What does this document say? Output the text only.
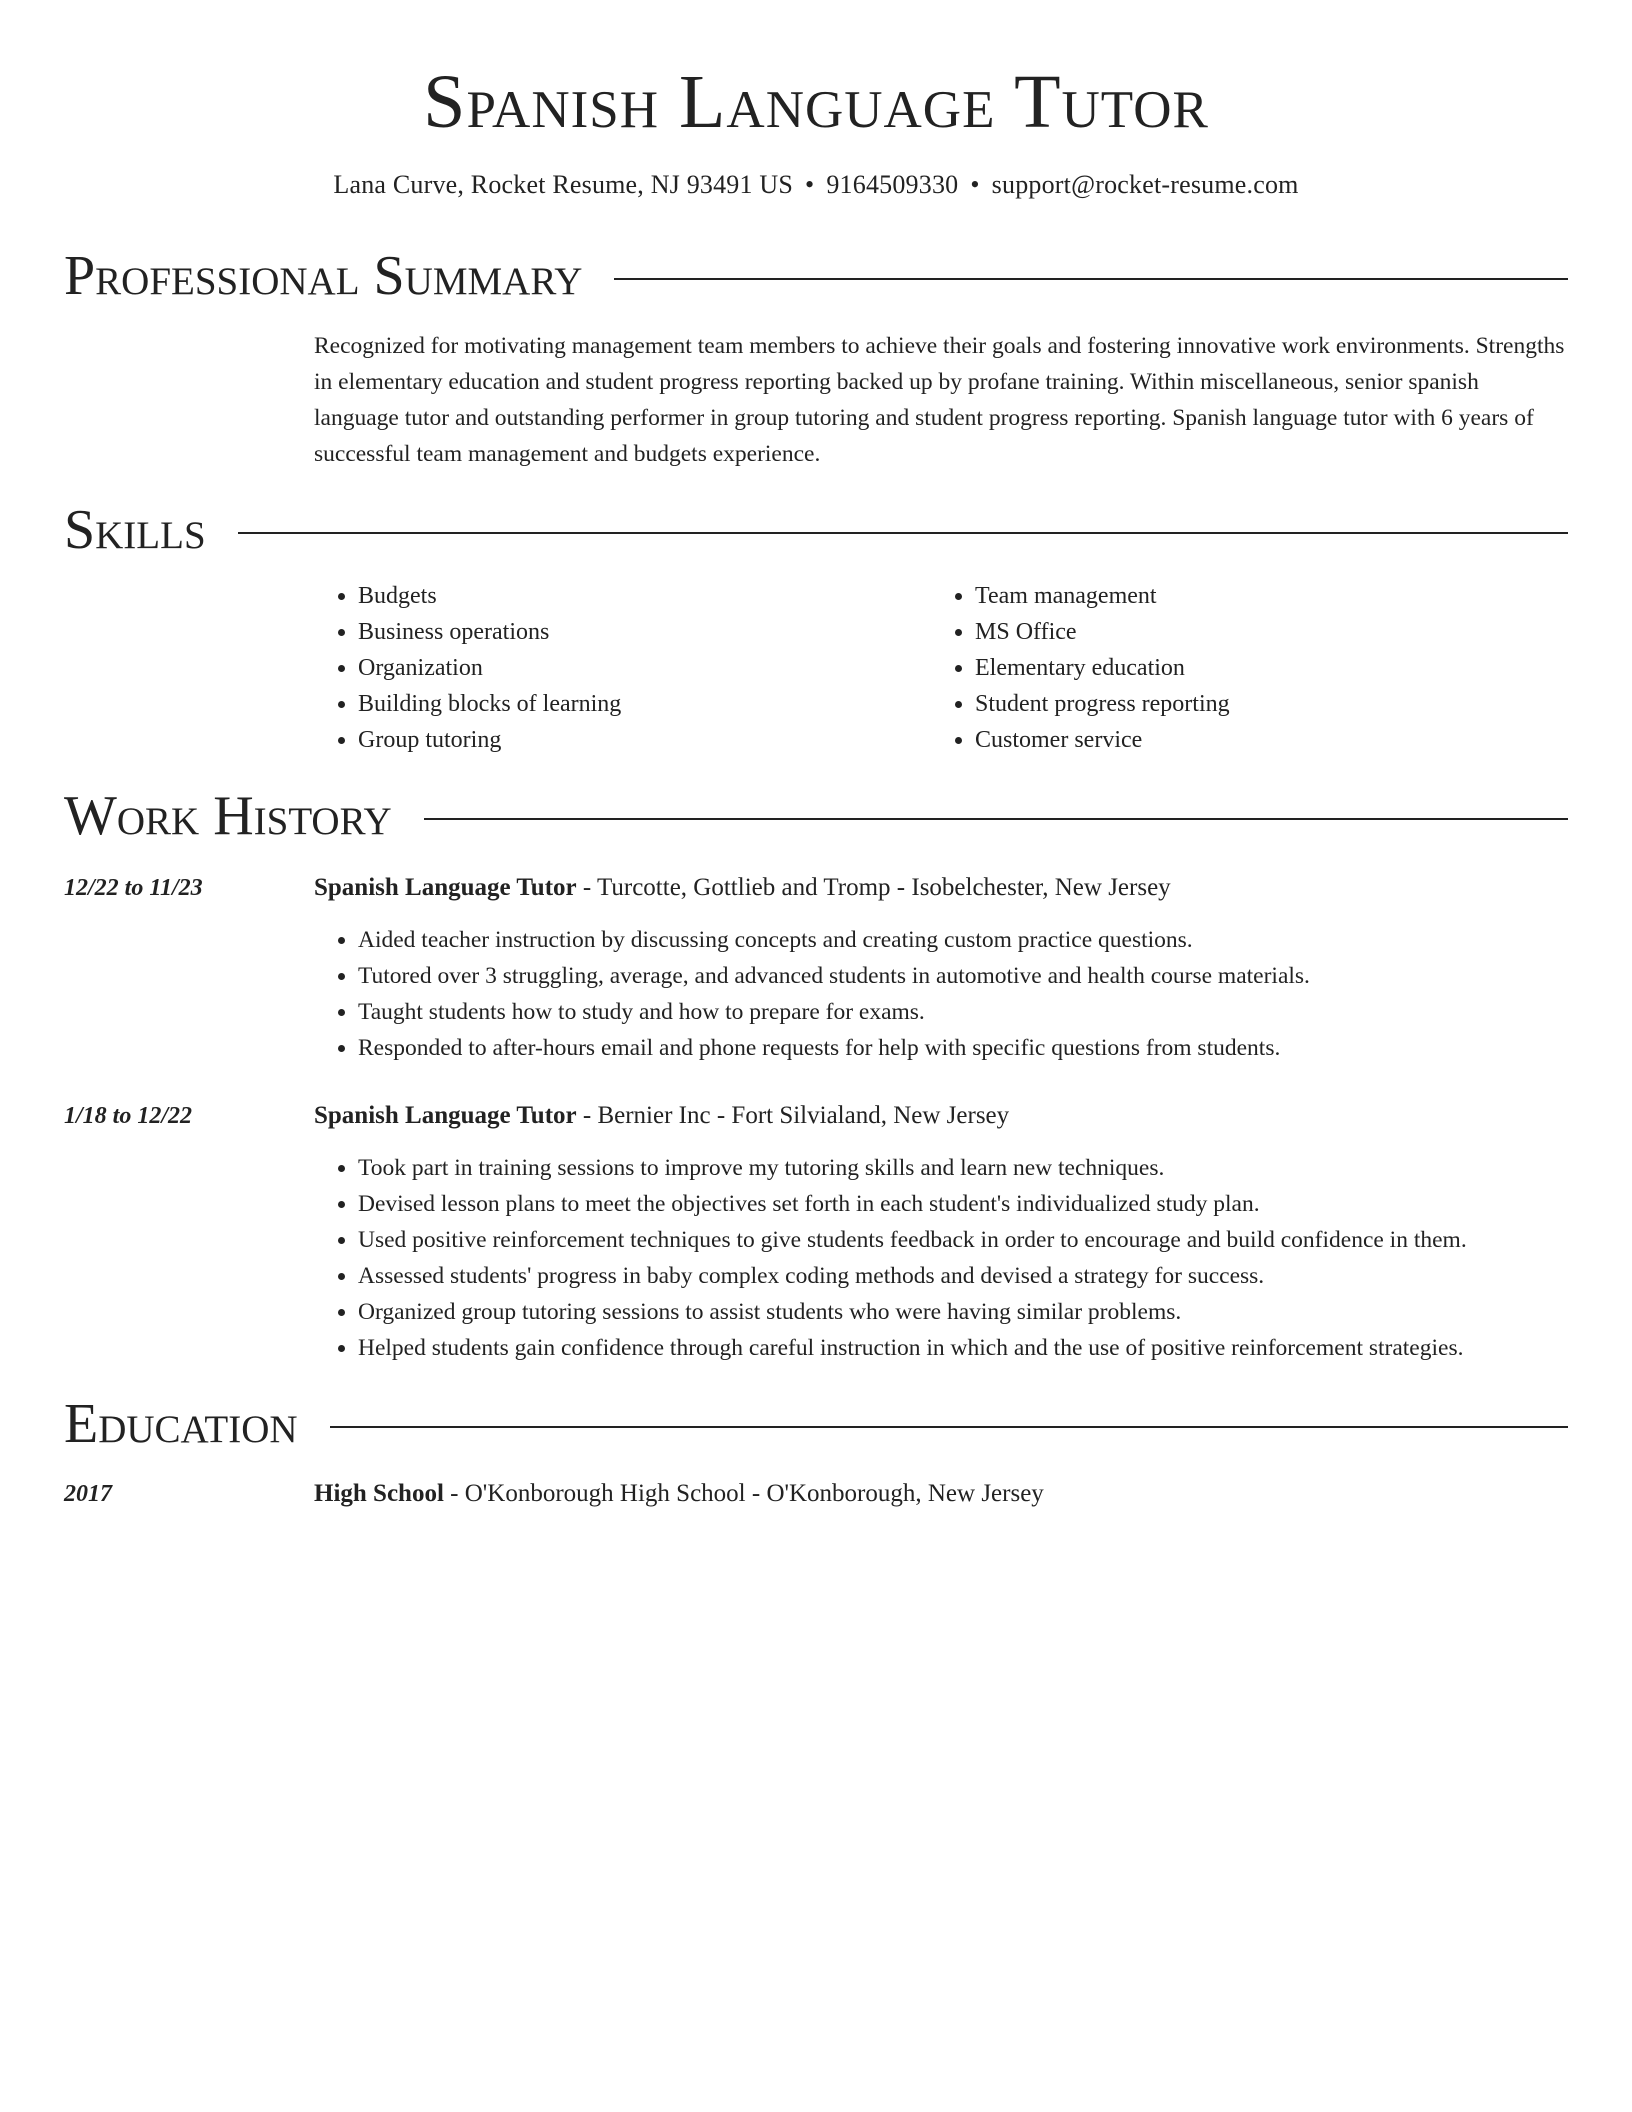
Spanish Language Tutor
Lana Curve, Rocket Resume, NJ 93491 US • 9164509330 • support@rocket-resume.com
Professional Summary
Recognized for motivating management team members to achieve their goals and fostering innovative work environments. Strengths in elementary education and student progress reporting backed up by profane training. Within miscellaneous, senior spanish language tutor and outstanding performer in group tutoring and student progress reporting. Spanish language tutor with 6 years of successful team management and budgets experience.
Skills
• Budgets
• Business operations
• Organization
• Building blocks of learning
• Group tutoring
• Team management
• MS Office
• Elementary education
• Student progress reporting
• Customer service
Work History
12/22 to 11/23	Spanish Language Tutor - Turcotte, Gottlieb and Tromp - Isobelchester, New Jersey
• Aided teacher instruction by discussing concepts and creating custom practice questions.
• Tutored over 3 struggling, average, and advanced students in automotive and health course materials.
• Taught students how to study and how to prepare for exams.
• Responded to after-hours email and phone requests for help with specific questions from students.
1/18 to 12/22	Spanish Language Tutor - Bernier Inc - Fort Silvialand, New Jersey
• Took part in training sessions to improve my tutoring skills and learn new techniques.
• Devised lesson plans to meet the objectives set forth in each student's individualized study plan.
• Used positive reinforcement techniques to give students feedback in order to encourage and build confidence in them.
• Assessed students' progress in baby complex coding methods and devised a strategy for success.
• Organized group tutoring sessions to assist students who were having similar problems.
• Helped students gain confidence through careful instruction in which and the use of positive reinforcement strategies.
Education
2017	High School - O'Konborough High School - O'Konborough, New Jersey
